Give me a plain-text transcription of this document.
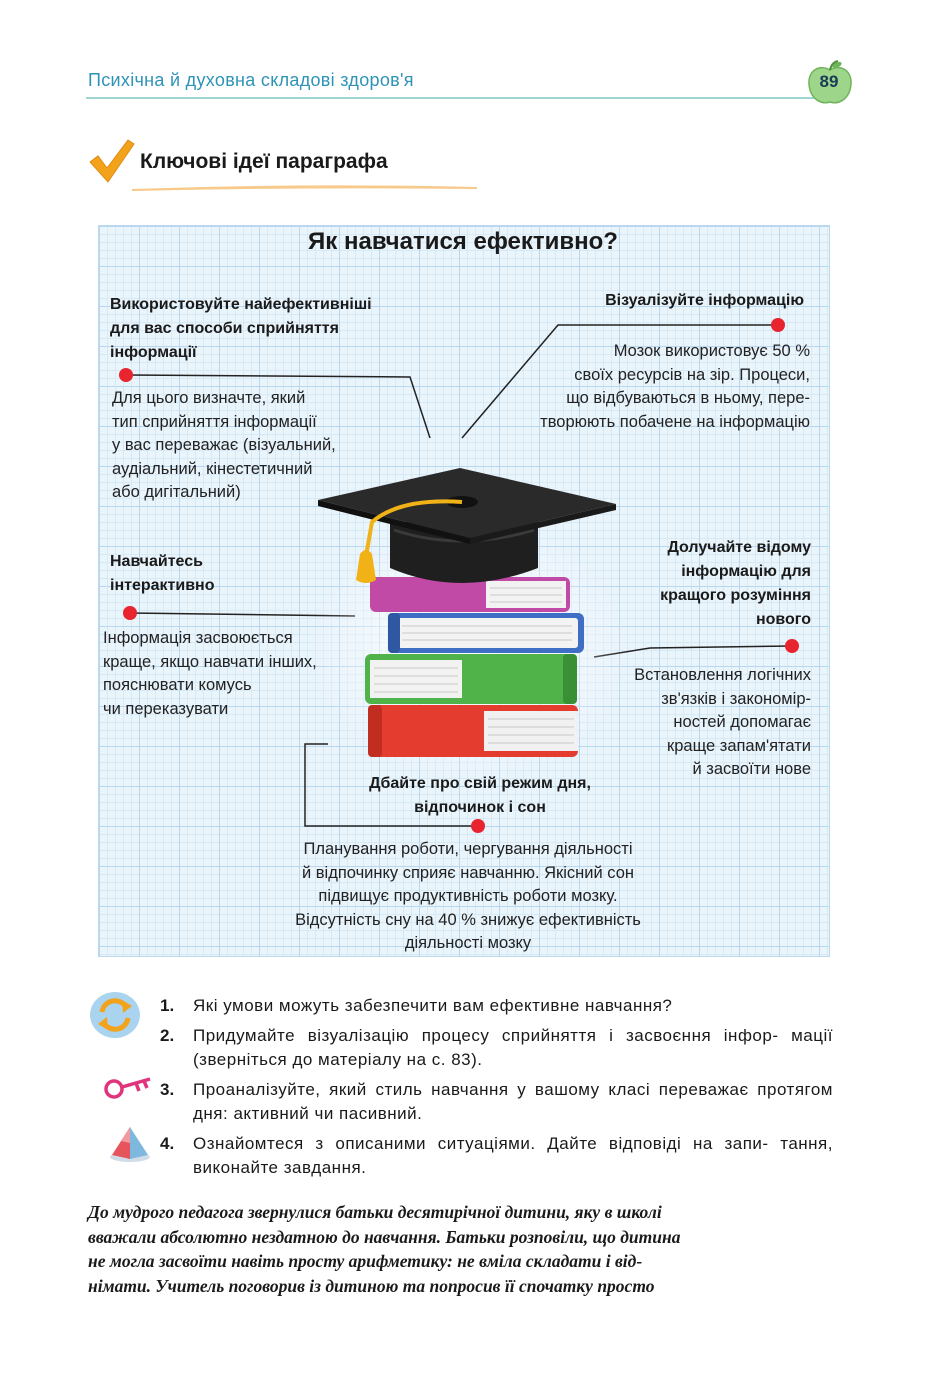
Психічна й духовна складові здоров'я	89
Ключові ідеї параграфа
Як навчатися ефективно?
Використовуйте найефективніші
для вас способи сприйняття
інформації
Для цього визначте, який
тип сприйняття інформації
у вас переважає (візуальний,
аудіальний, кінестетичний
або дигітальний)
Візуалізуйте інформацію
Мозок використовує 50 %
своїх ресурсів на зір. Процеси,
що відбуваються в ньому, пере-
творюють побачене на інформацію
Навчайтесь
інтерактивно
Інформація засвоюється
краще, якщо навчати інших,
пояснювати комусь
чи переказувати
Долучайте відому
інформацію для
кращого розуміння
нового
Встановлення логічних
зв'язків і закономір-
ностей допомагає
краще запам'ятати
й засвоїти нове
Дбайте про свій режим дня,
відпочинок і сон
Планування роботи, чергування діяльності
й відпочинку сприяє навчанню. Якісний сон
підвищує продуктивність роботи мозку.
Відсутність сну на 40 % знижує ефективність
діяльності мозку
1.	Які умови можуть забезпечити вам ефективне навчання?
2.	Придумайте візуалізацію процесу сприйняття і засвоєння інфор- мації (зверніться до матеріалу на с. 83).
3.	Проаналізуйте, який стиль навчання у вашому класі переважає протягом дня: активний чи пасивний.
4.	Ознайомтеся з описаними ситуаціями. Дайте відповіді на запи- тання, виконайте завдання.
До мудрого педагога звернулися батьки десятирічної дитини, яку в школі
вважали абсолютно нездатною до навчання. Батьки розповіли, що дитина
не могла засвоїти навіть просту арифметику: не вміла складати і від-
німати. Учитель поговорив із дитиною та попросив її спочатку просто
